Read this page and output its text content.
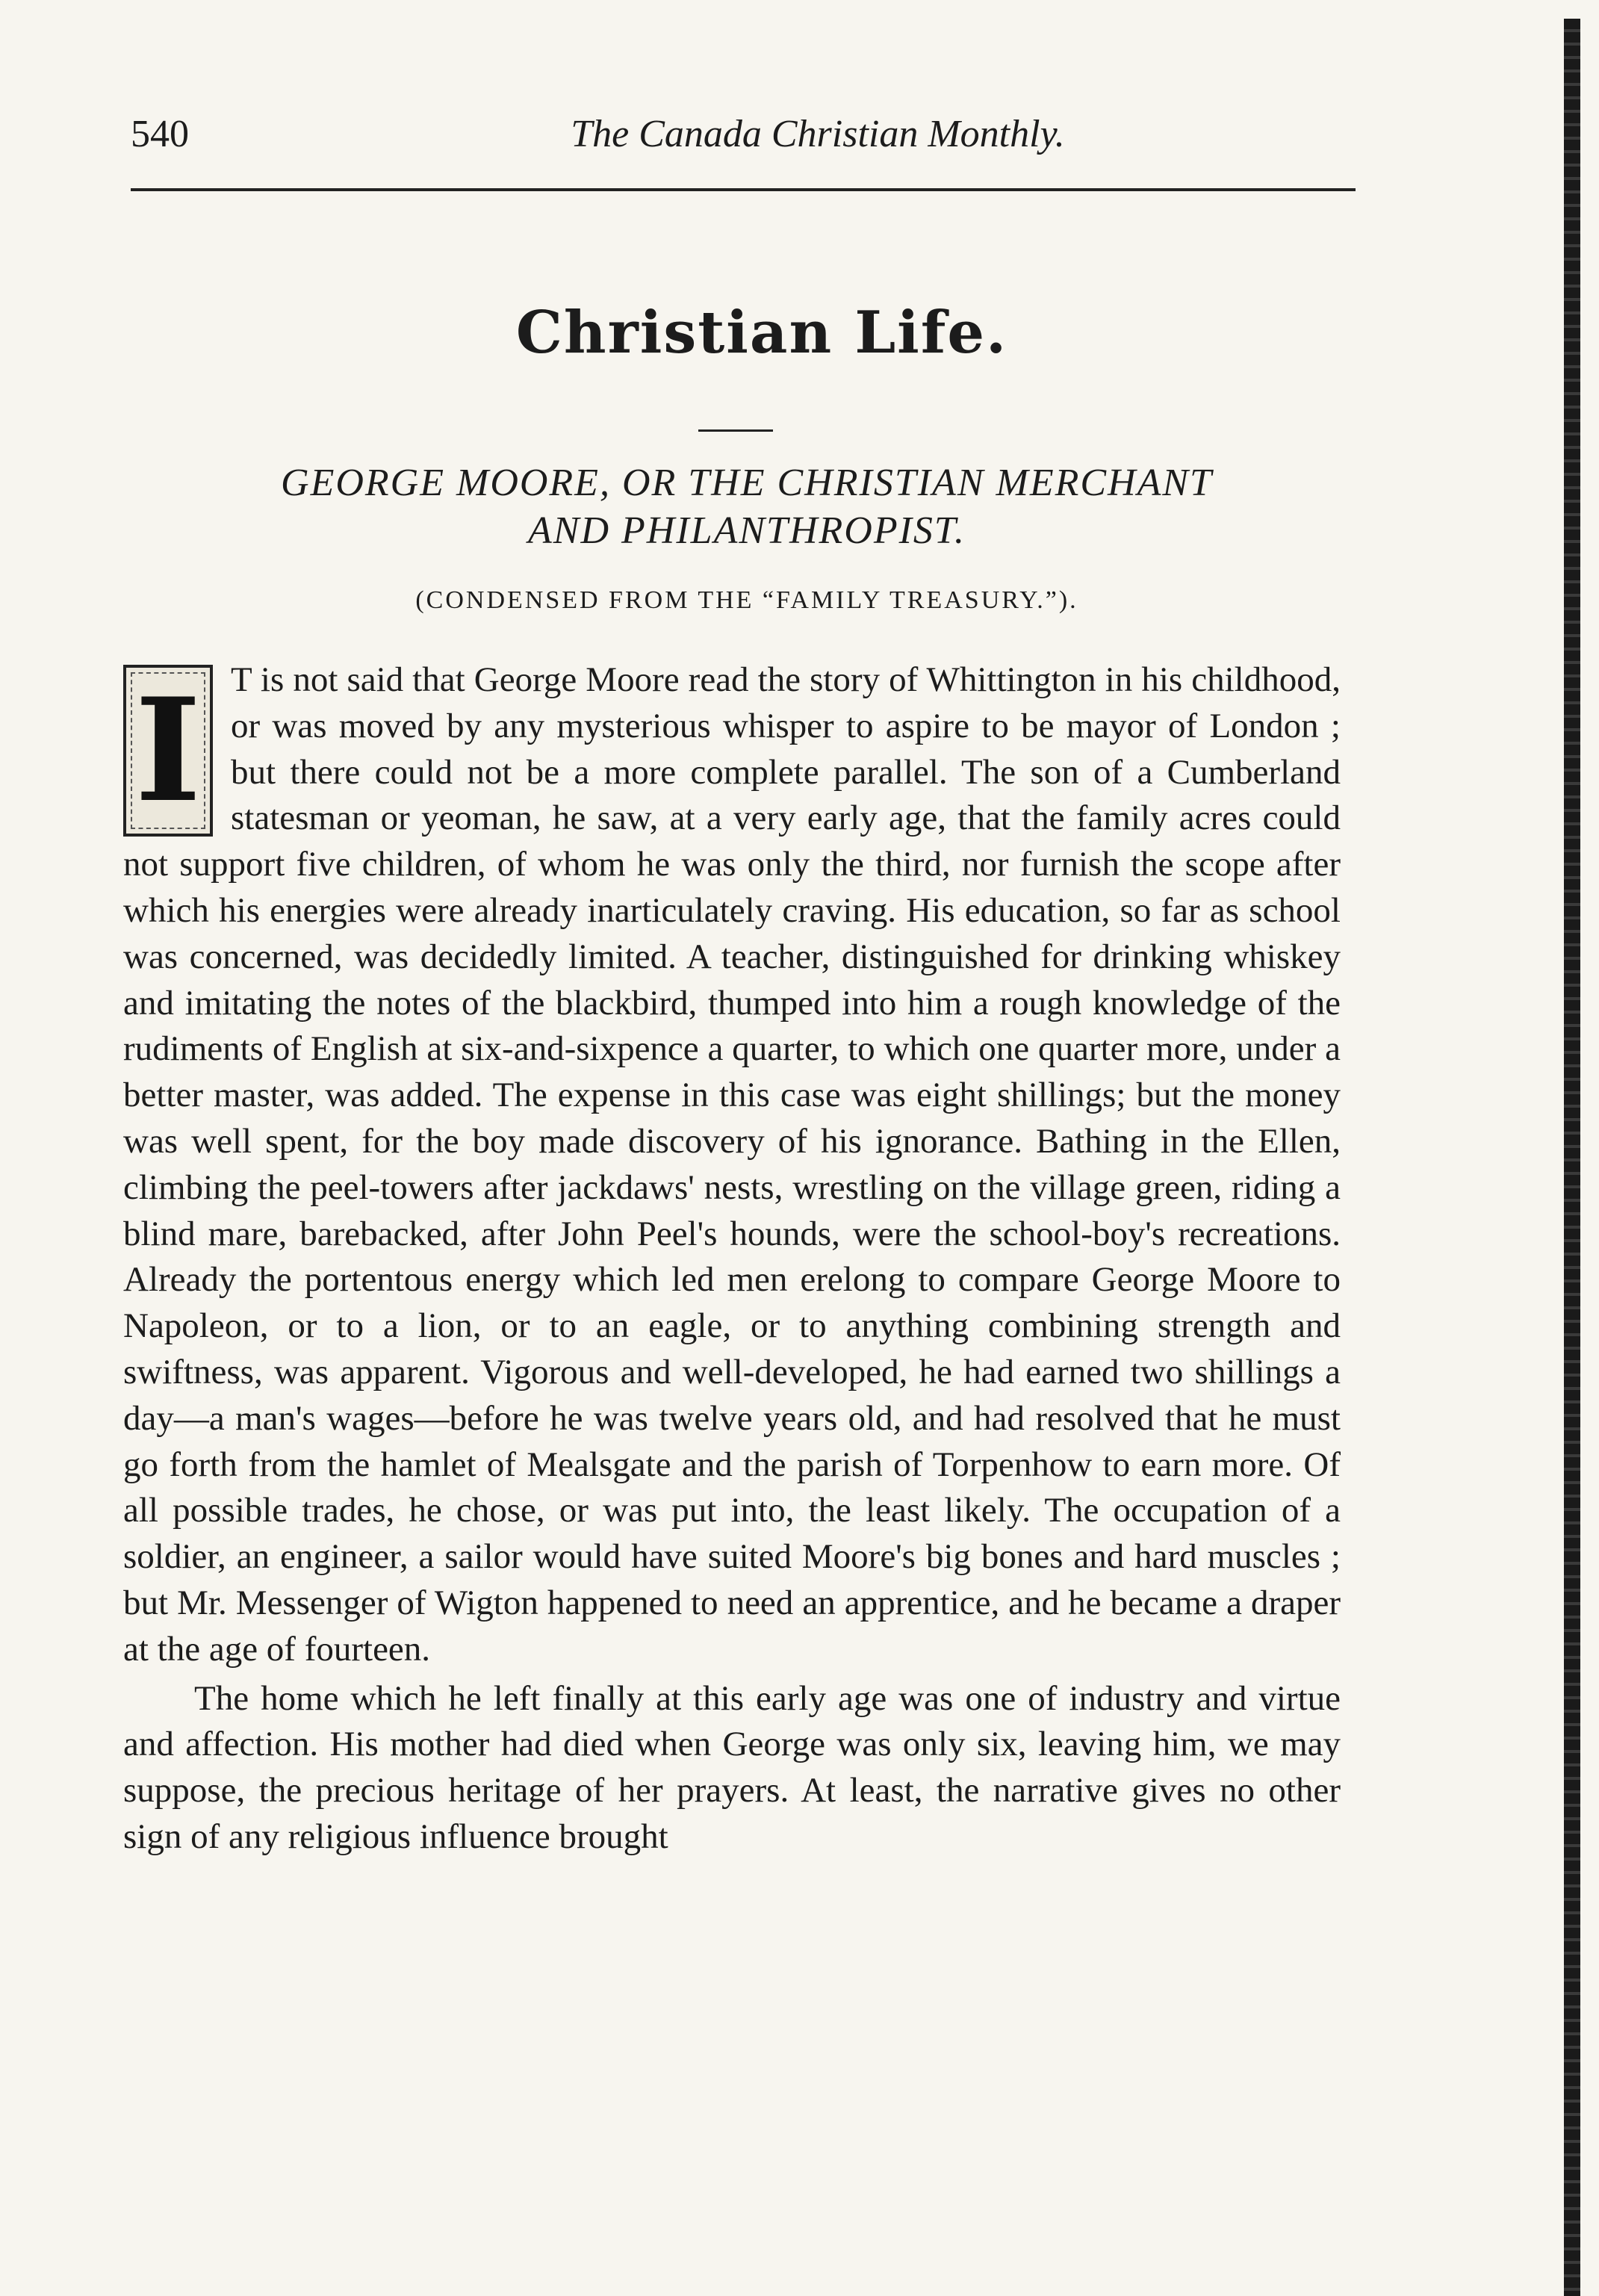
540	The Canada Christian Monthly.
Christian Life.
GEORGE MOORE, OR THE CHRISTIAN MERCHANT
AND PHILANTHROPIST.
(CONDENSED FROM THE “FAMILY TREASURY.”).

I T is not said that George Moore read the story of Whittington in his childhood, or was moved by any mysterious whisper to aspire to be mayor of London ; but there could not be a more complete parallel. The son of a Cumberland statesman or yeoman, he saw, at a very early age, that the family acres could not support five children, of whom he was only the third, nor furnish the scope after which his energies were already inarticulately craving. His education, so far as school was concerned, was decidedly limited. A teacher, distinguished for drinking whiskey and imitating the notes of the blackbird, thumped into him a rough knowledge of the rudiments of English at six-and-sixpence a quarter, to which one quarter more, under a better master, was added. The expense in this case was eight shillings; but the money was well spent, for the boy made discovery of his ignorance. Bathing in the Ellen, climbing the peel-towers after jackdaws' nests, wrestling on the village green, riding a blind mare, barebacked, after John Peel's hounds, were the school-boy's recreations. Already the portentous energy which led men erelong to compare George Moore to Napoleon, or to a lion, or to an eagle, or to anything combining strength and swiftness, was apparent. Vigorous and well-developed, he had earned two shillings a day—a man's wages—before he was twelve years old, and had resolved that he must go forth from the hamlet of Mealsgate and the parish of Torpenhow to earn more. Of all possible trades, he chose, or was put into, the least likely. The occupation of a soldier, an engineer, a sailor would have suited Moore's big bones and hard muscles ; but Mr. Messenger of Wigton happened to need an apprentice, and he became a draper at the age of fourteen.

The home which he left finally at this early age was one of industry and virtue and affection. His mother had died when George was only six, leaving him, we may suppose, the precious heritage of her prayers. At least, the narrative gives no other sign of any religious influence brought
